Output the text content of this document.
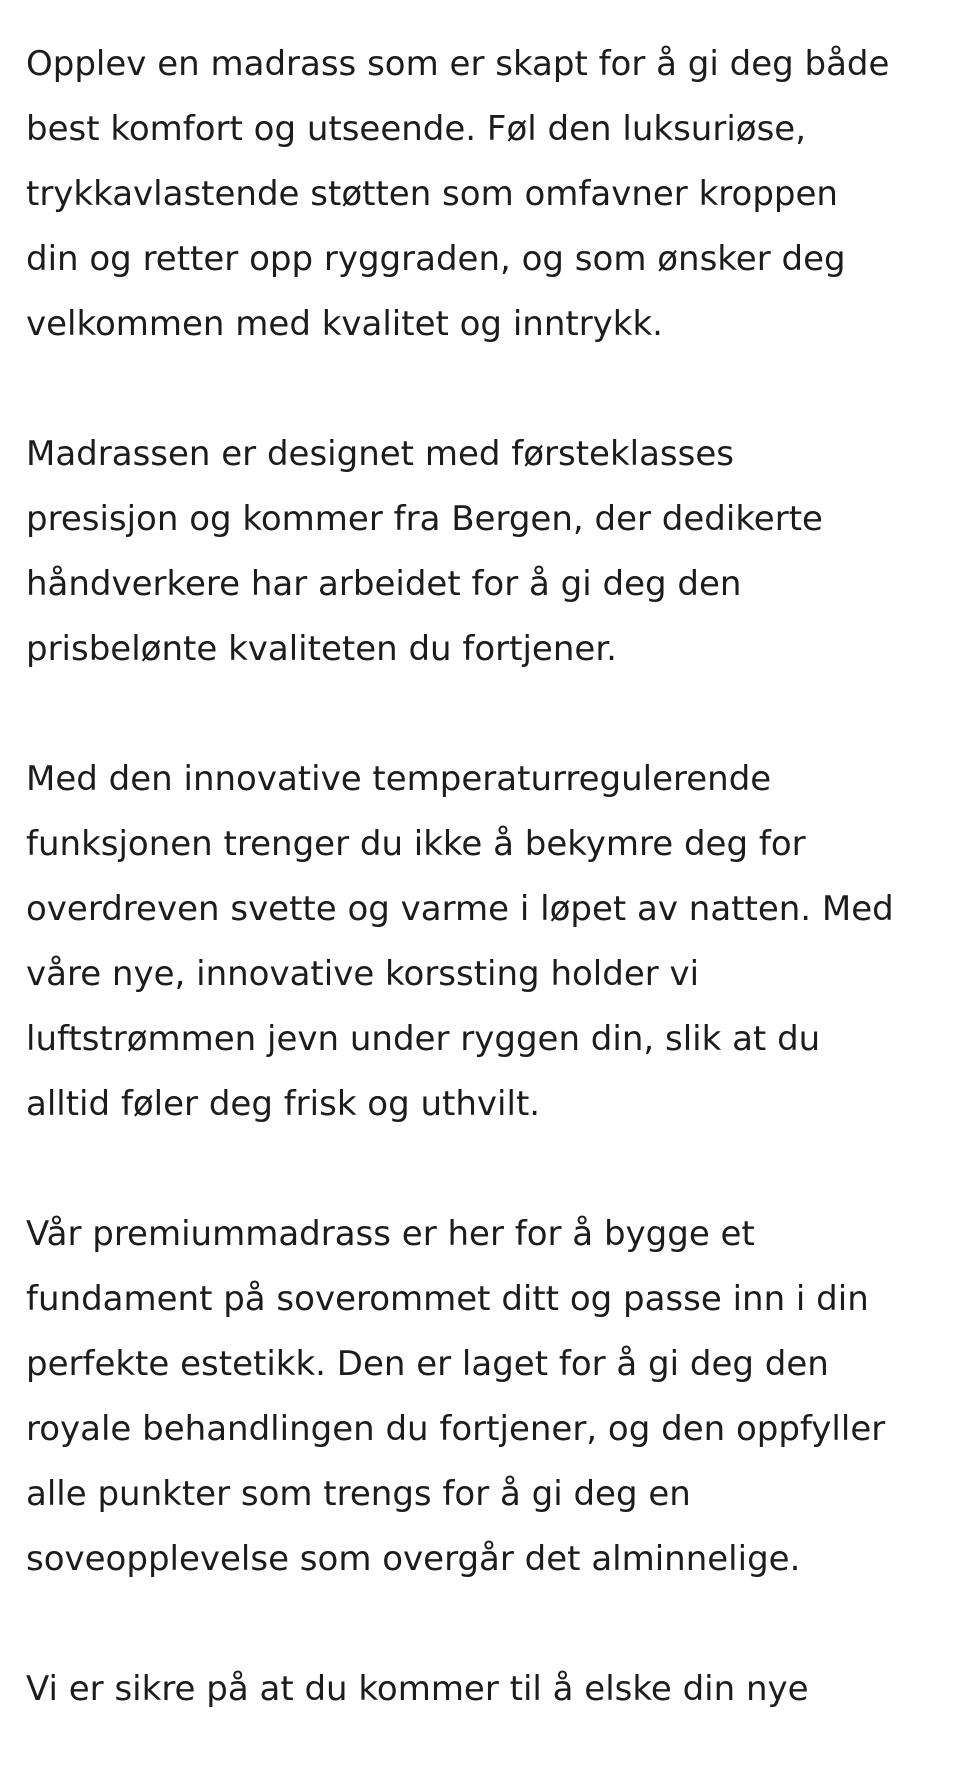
Opplev en madrass som er skapt for å gi deg både
best komfort og utseende. Føl den luksuriøse,
trykkavlastende støtten som omfavner kroppen
din og retter opp ryggraden, og som ønsker deg
velkommen med kvalitet og inntrykk.
Madrassen er designet med førsteklasses
presisjon og kommer fra Bergen, der dedikerte
håndverkere har arbeidet for å gi deg den
prisbelønte kvaliteten du fortjener.
Med den innovative temperaturregulerende
funksjonen trenger du ikke å bekymre deg for
overdreven svette og varme i løpet av natten. Med
våre nye, innovative korssting holder vi
luftstrømmen jevn under ryggen din, slik at du
alltid føler deg frisk og uthvilt.
Vår premiummadrass er her for å bygge et
fundament på soverommet ditt og passe inn i din
perfekte estetikk. Den er laget for å gi deg den
royale behandlingen du fortjener, og den oppfyller
alle punkter som trengs for å gi deg en
soveopplevelse som overgår det alminnelige.
Vi er sikre på at du kommer til å elske din nye
